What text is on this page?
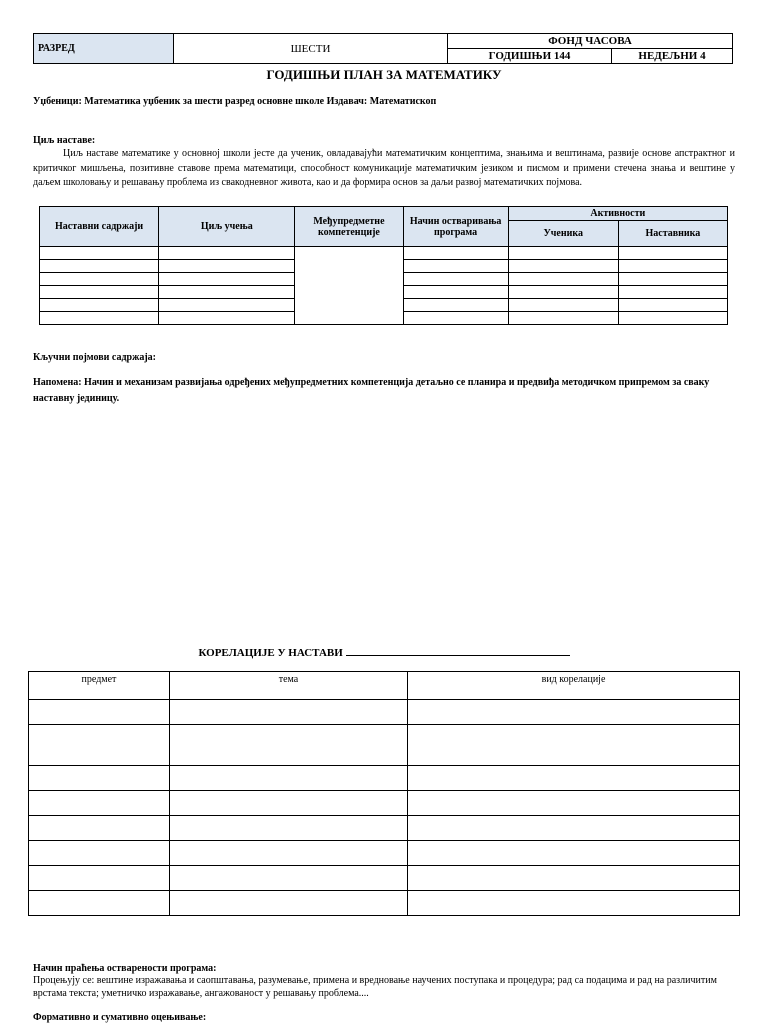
РАЗРЕД	ШЕСТИ	ФОНД ЧАСОВА	
		ГОДИШЊИ 144	НЕДЕЉНИ 4
ГОДИШЊИ ПЛАН ЗА МАТЕМАТИКУ
Уџбеници: Математика уџбеник за шести разред основне школе Издавач: Математископ
Циљ наставе:
Циљ наставе математике у основној школи јесте да ученик, овладавајући математичким концептима, знањима и вештинама, развије основе апстрактног и критичког мишљења, позитивне ставове према математици, способност комуникације математичким језиком и писмом и примени стечена знања и вештине у даљем школовању и решавању проблема из свакодневног живота, као и да формира основ за даљи развој математичких појмова.
Наставни садржаји	Циљ учења	Међупредметне компетенције	Начин остваривања програма	Активности	
				Ученика	Наставника

Кључни појмови садржаја:
Напомена: Начин и механизам развијања одређених међупредметних компетенција детаљно се планира и предвиђа методичком припремом за сваку наставну јединицу.
КОРЕЛАЦИЈЕ У НАСТАВИ
предмет	тема	вид корелације

Начин праћења остварености програма:
Процењују се: вештине изражавања и саопштавања, разумевање, примена и вредновање научених поступака и процедура; рад са подацима и рад на различитим врстама текста; уметничко изражавање, ангажованост у решавању проблема....
Формативно и сумативно оцењивање:
